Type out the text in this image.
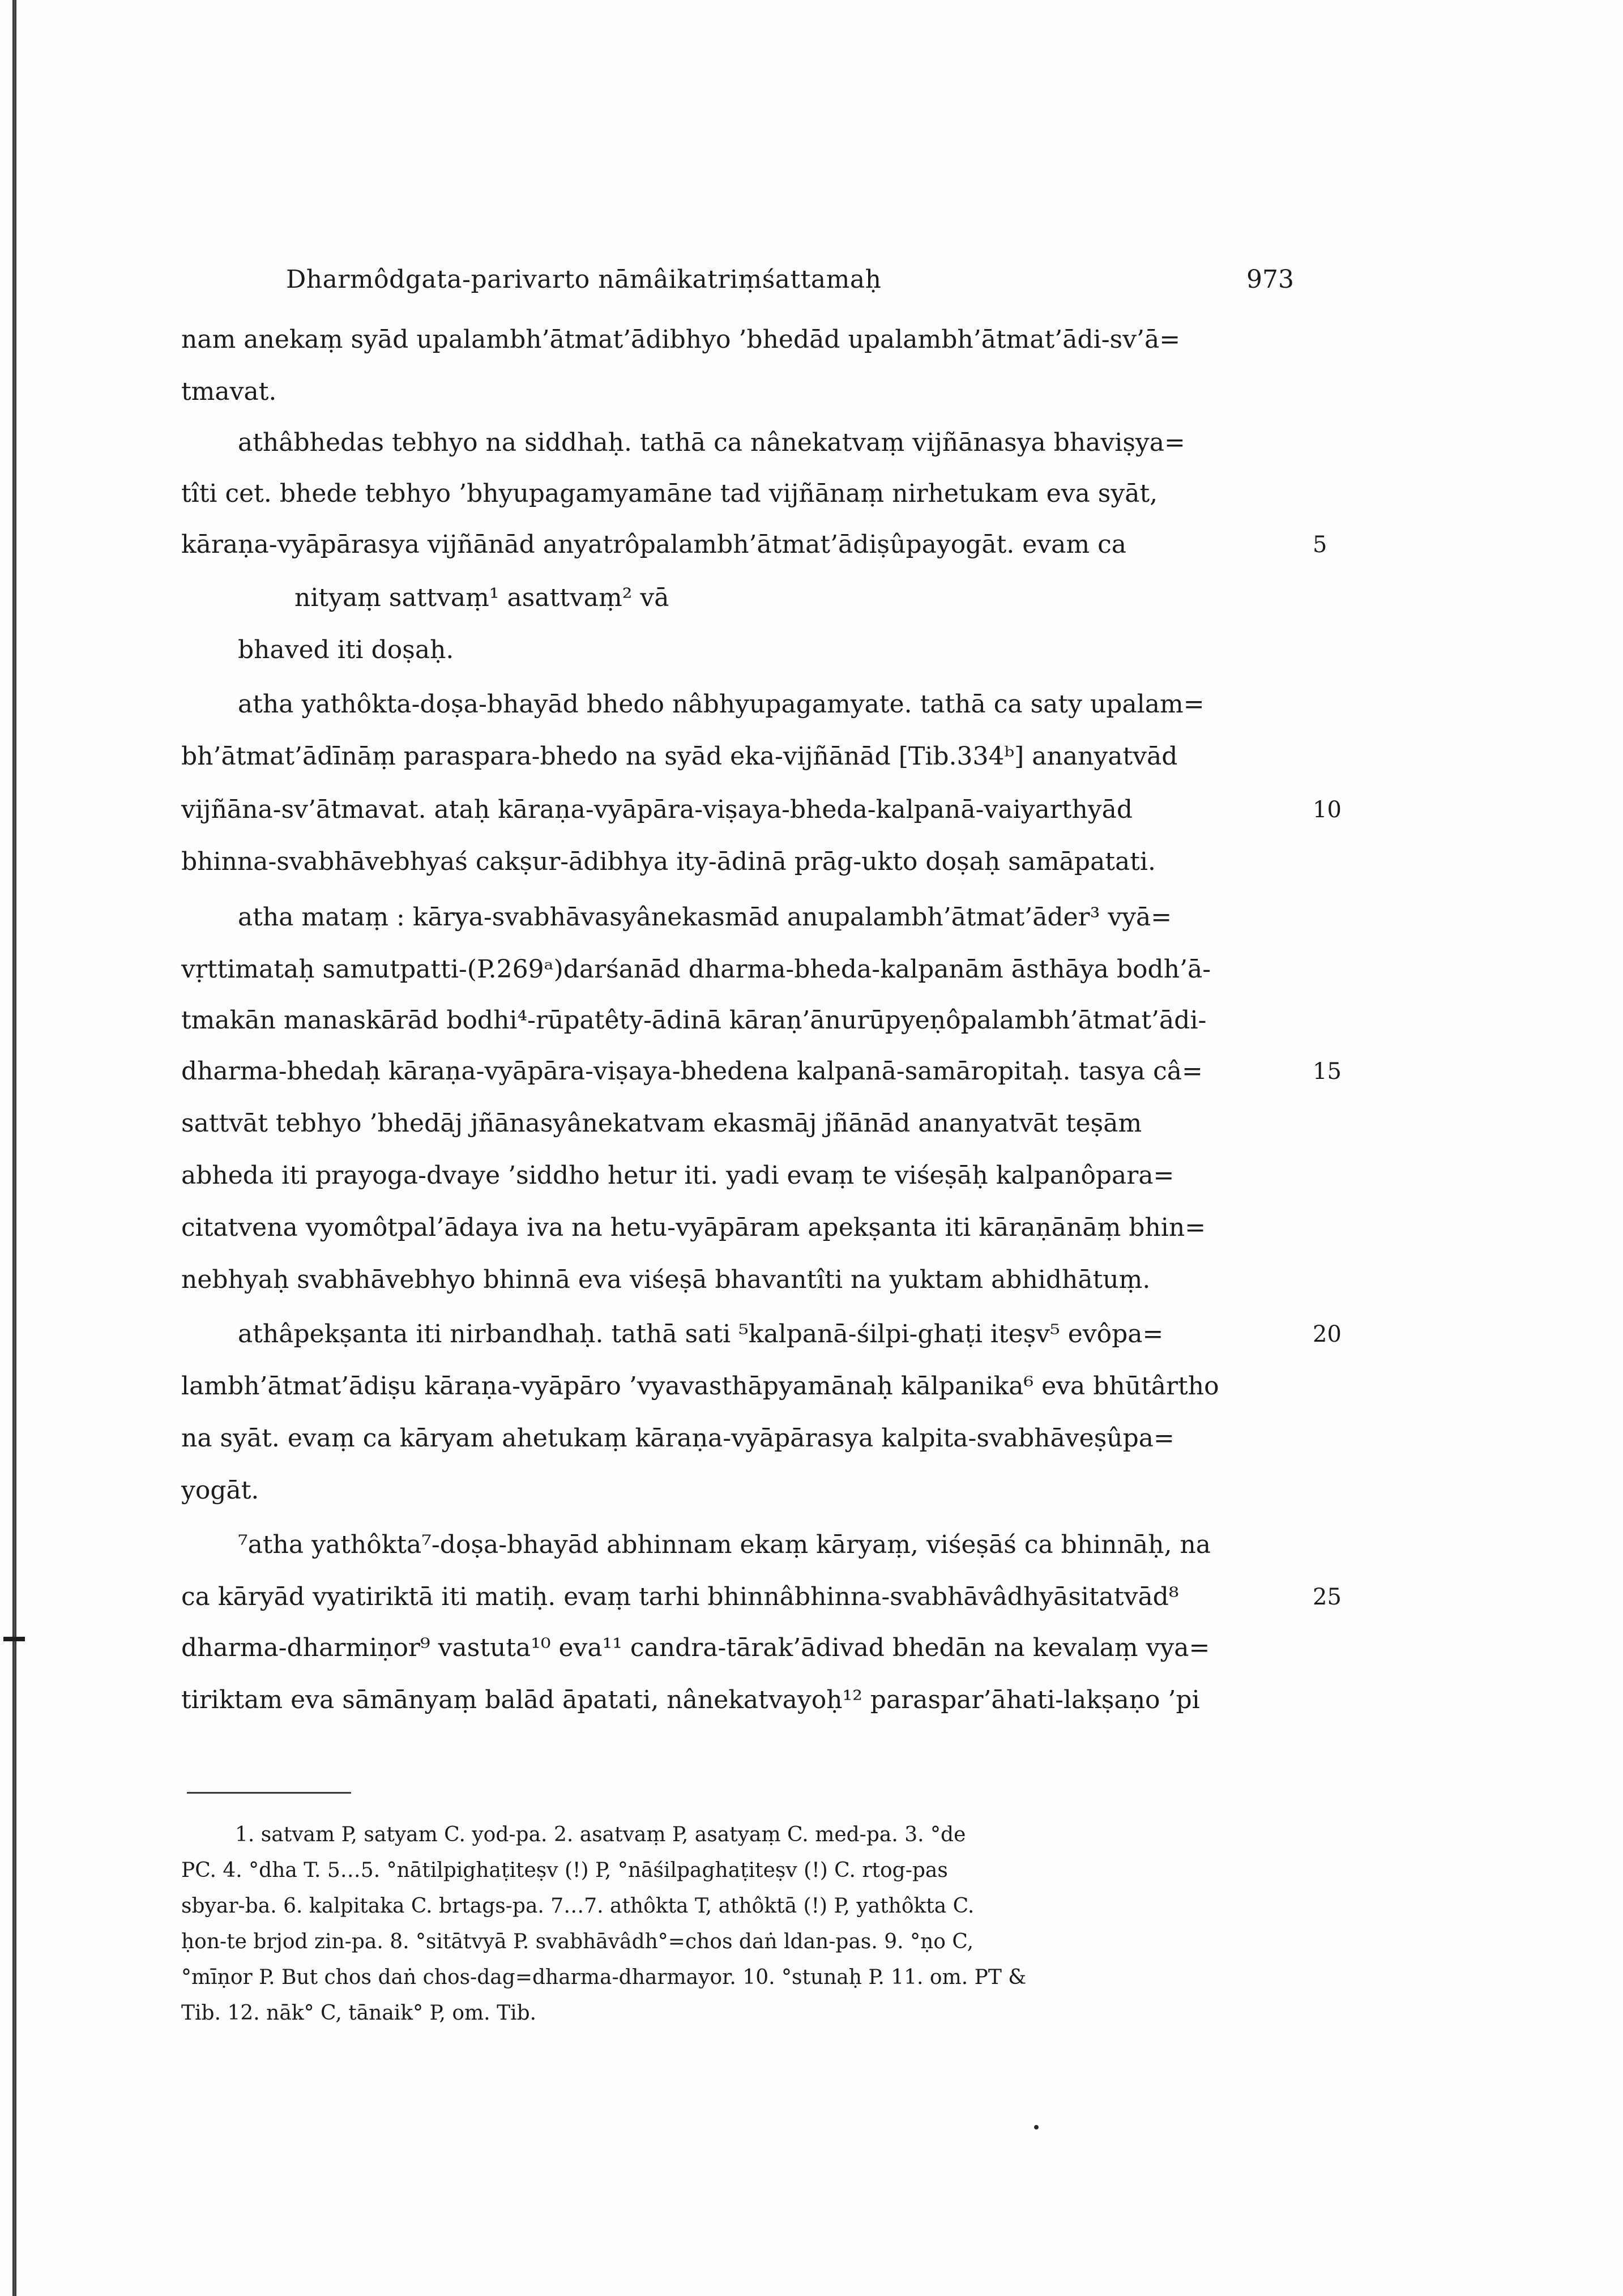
Dharmôdgata-parivarto nāmâikatriṃśattamaḥ	973
nam anekaṃ syād upalambh’ātmat’ādibhyo ’bhedād upalambh’ātmat’ādi-sv’ā=
tmavat.
athâbhedas tebhyo na siddhaḥ. tathā ca nânekatvaṃ vijñānasya bhaviṣya=
tîti cet. bhede tebhyo ’bhyupagamyamāne tad vijñānaṃ nirhetukam eva syāt,
kāraṇa-vyāpārasya vijñānād anyatrôpalambh’ātmat’ādiṣûpayogāt. evam ca
nityaṃ sattvaṃ¹ asattvaṃ² vā
bhaved iti doṣaḥ.
atha yathôkta-doṣa-bhayād bhedo nâbhyupagamyate. tathā ca saty upalam=
bh’ātmat’ādīnāṃ paraspara-bhedo na syād eka-vijñānād [Tib.334ᵇ] ananyatvād
vijñāna-sv’ātmavat. ataḥ kāraṇa-vyāpāra-viṣaya-bheda-kalpanā-vaiyarthyād
bhinna-svabhāvebhyaś cakṣur-ādibhya ity-ādinā prāg-ukto doṣaḥ samāpatati.
atha mataṃ : kārya-svabhāvasyânekasmād anupalambh’ātmat’āder³ vyā=
vṛttimataḥ samutpatti-(P.269ᵃ)darśanād dharma-bheda-kalpanām āsthāya bodh’ā-
tmakān manaskārād bodhi⁴-rūpatêty-ādinā kāraṇ’ānurūpyeṇôpalambh’ātmat’ādi-
dharma-bhedaḥ kāraṇa-vyāpāra-viṣaya-bhedena kalpanā-samāropitaḥ. tasya câ=
sattvāt tebhyo ’bhedāj jñānasyânekatvam ekasmāj jñānād ananyatvāt teṣām
abheda iti prayoga-dvaye ’siddho hetur iti. yadi evaṃ te viśeṣāḥ kalpanôpara=
citatvena vyomôtpal’ādaya iva na hetu-vyāpāram apekṣanta iti kāraṇānāṃ bhin=
nebhyaḥ svabhāvebhyo bhinnā eva viśeṣā bhavantîti na yuktam abhidhātuṃ.
athâpekṣanta iti nirbandhaḥ. tathā sati ⁵kalpanā-śilpi-ghaṭi iteṣv⁵ evôpa=
lambh’ātmat’ādiṣu kāraṇa-vyāpāro ’vyavasthāpyamānaḥ kālpanika⁶ eva bhūtârtho
na syāt. evaṃ ca kāryam ahetukaṃ kāraṇa-vyāpārasya kalpita-svabhāveṣûpa=
yogāt.
⁷atha yathôkta⁷-doṣa-bhayād abhinnam ekaṃ kāryaṃ, viśeṣāś ca bhinnāḥ, na
ca kāryād vyatiriktā iti matiḥ. evaṃ tarhi bhinnâbhinna-svabhāvâdhyāsitatvād⁸
dharma-dharmiṇor⁹ vastuta¹⁰ eva¹¹ candra-tārak’ādivad bhedān na kevalaṃ vya=
tiriktam eva sāmānyaṃ balād āpatati, nânekatvayoḥ¹² paraspar’āhati-lakṣaṇo ’pi
5
10
15
20
25
1. satvam P, satyam C. yod-pa. 2. asatvaṃ P, asatyaṃ C. med-pa. 3. °de
PC. 4. °dha T. 5…5. °nātilpighaṭiteṣv (!) P, °nāśilpaghaṭiteṣv (!) C. rtog-pas
sbyar-ba. 6. kalpitaka C. brtags-pa. 7…7. athôkta T, athôktā (!) P, yathôkta C.
ḥon-te brjod zin-pa. 8. °sitātvyā P. svabhāvâdh°=chos daṅ ldan-pas. 9. °ṇo C,
°mīṇor P. But chos daṅ chos-dag=dharma-dharmayor. 10. °stunaḥ P. 11. om. PT &
Tib. 12. nāk° C, tānaik° P, om. Tib.
